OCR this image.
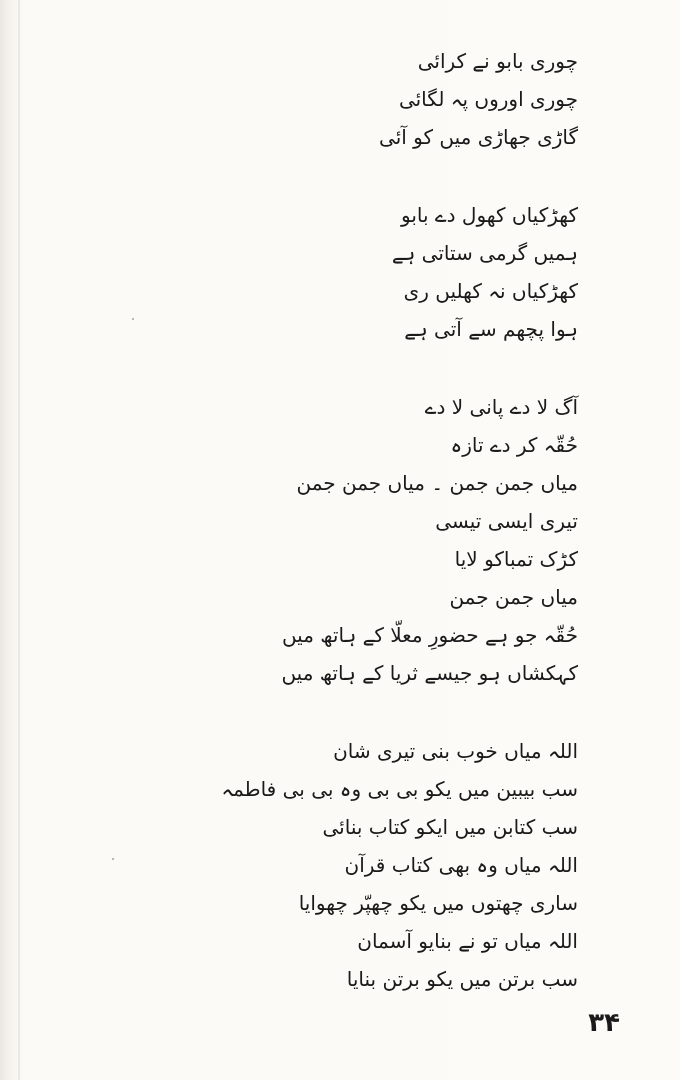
چوری بابو نے کرائی
چوری اوروں پہ لگائی
گاڑی جھاڑی میں کو آئی
کھڑکیاں کھول دے بابو
ہمیں گرمی ستاتی ہے
کھڑکیاں نہ کھلیں ری
ہوا پچھم سے آتی ہے
آگ لا دے پانی لا دے
حُقّہ کر دے تازہ
میاں جمن جمن ۔ میاں جمن جمن
تیری ایسی تیسی
کڑک تمباکو لایا
میاں جمن جمن
حُقّہ جو ہے حضورِ معلّا کے ہاتھ میں
کہکشاں ہو جیسے ثریا کے ہاتھ میں
اللہ میاں خوب بنی تیری شان
سب بیبین میں یکو بی بی وہ بی بی فاطمہ
سب کتابن میں ایکو کتاب بنائی
اللہ میاں وہ بھی کتاب قرآن
ساری چھتوں میں یکو چھپّر چھوایا
اللہ میاں تو نے بنایو آسمان
سب برتن میں یکو برتن بنایا
۳۴
